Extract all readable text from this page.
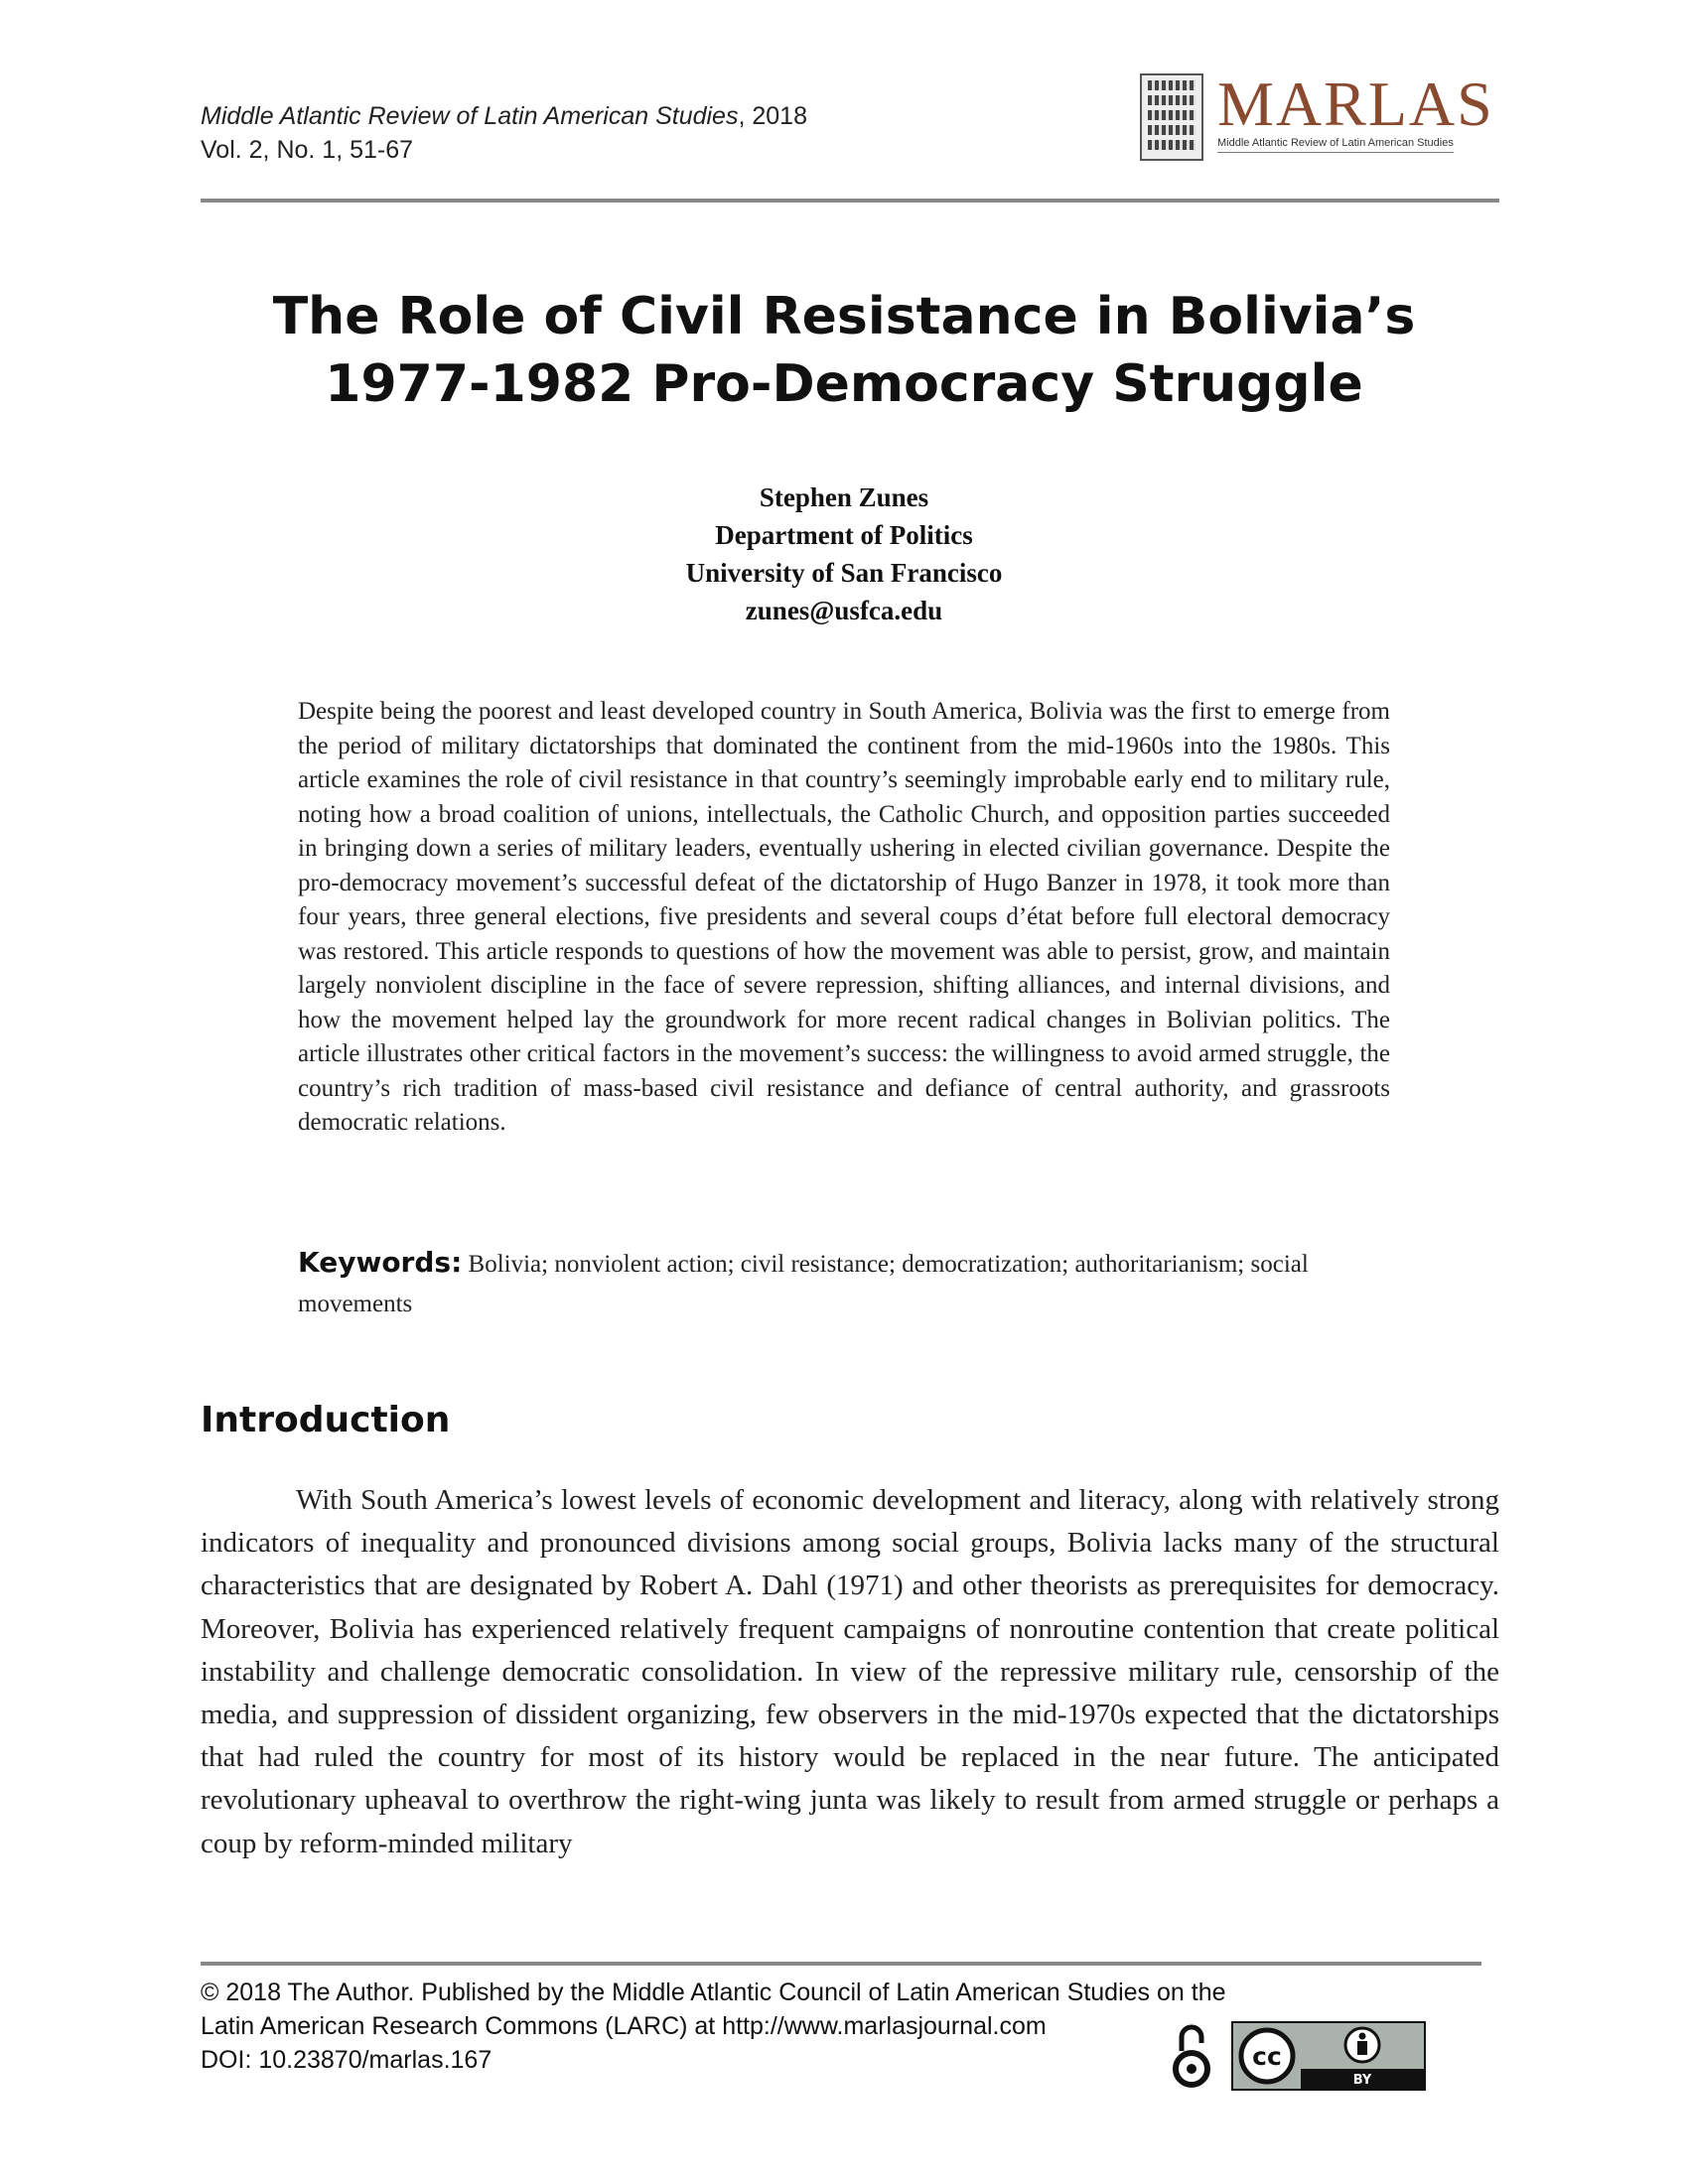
Middle Atlantic Review of Latin American Studies, 2018
Vol. 2, No. 1, 51-67
MARLAS
Middle Atlantic Review of Latin American Studies
The Role of Civil Resistance in Bolivia’s
1977-1982 Pro-Democracy Struggle
Stephen Zunes
Department of Politics
University of San Francisco
zunes@usfca.edu
Despite being the poorest and least developed country in South America, Bolivia was the first to emerge from the period of military dictatorships that dominated the continent from the mid-1960s into the 1980s. This article examines the role of civil resistance in that country’s seemingly improbable early end to military rule, noting how a broad coalition of unions, intellectuals, the Catholic Church, and opposition parties succeeded in bringing down a series of military leaders, eventually ushering in elected civilian governance. Despite the pro-democracy movement’s successful defeat of the dictatorship of Hugo Banzer in 1978, it took more than four years, three general elections, five presidents and several coups d’état before full electoral democracy was restored. This article responds to questions of how the movement was able to persist, grow, and maintain largely nonviolent discipline in the face of severe repression, shifting alliances, and internal divisions, and how the movement helped lay the groundwork for more recent radical changes in Bolivian politics. The article illustrates other critical factors in the movement’s success: the willingness to avoid armed struggle, the country’s rich tradition of mass-based civil resistance and defiance of central authority, and grassroots democratic relations.
Keywords: Bolivia; nonviolent action; civil resistance; democratization; authoritarianism; social movements
Introduction
With South America’s lowest levels of economic development and literacy, along with relatively strong indicators of inequality and pronounced divisions among social groups, Bolivia lacks many of the structural characteristics that are designated by Robert A. Dahl (1971) and other theorists as prerequisites for democracy. Moreover, Bolivia has experienced relatively frequent campaigns of nonroutine contention that create political instability and challenge democratic consolidation. In view of the repressive military rule, censorship of the media, and suppression of dissident organizing, few observers in the mid-1970s expected that the dictatorships that had ruled the country for most of its history would be replaced in the near future. The anticipated revolutionary upheaval to overthrow the right-wing junta was likely to result from armed struggle or perhaps a coup by reform-minded military
© 2018 The Author. Published by the Middle Atlantic Council of Latin American Studies on the
Latin American Research Commons (LARC) at http://www.marlasjournal.com
DOI: 10.23870/marlas.167	cc
BY
